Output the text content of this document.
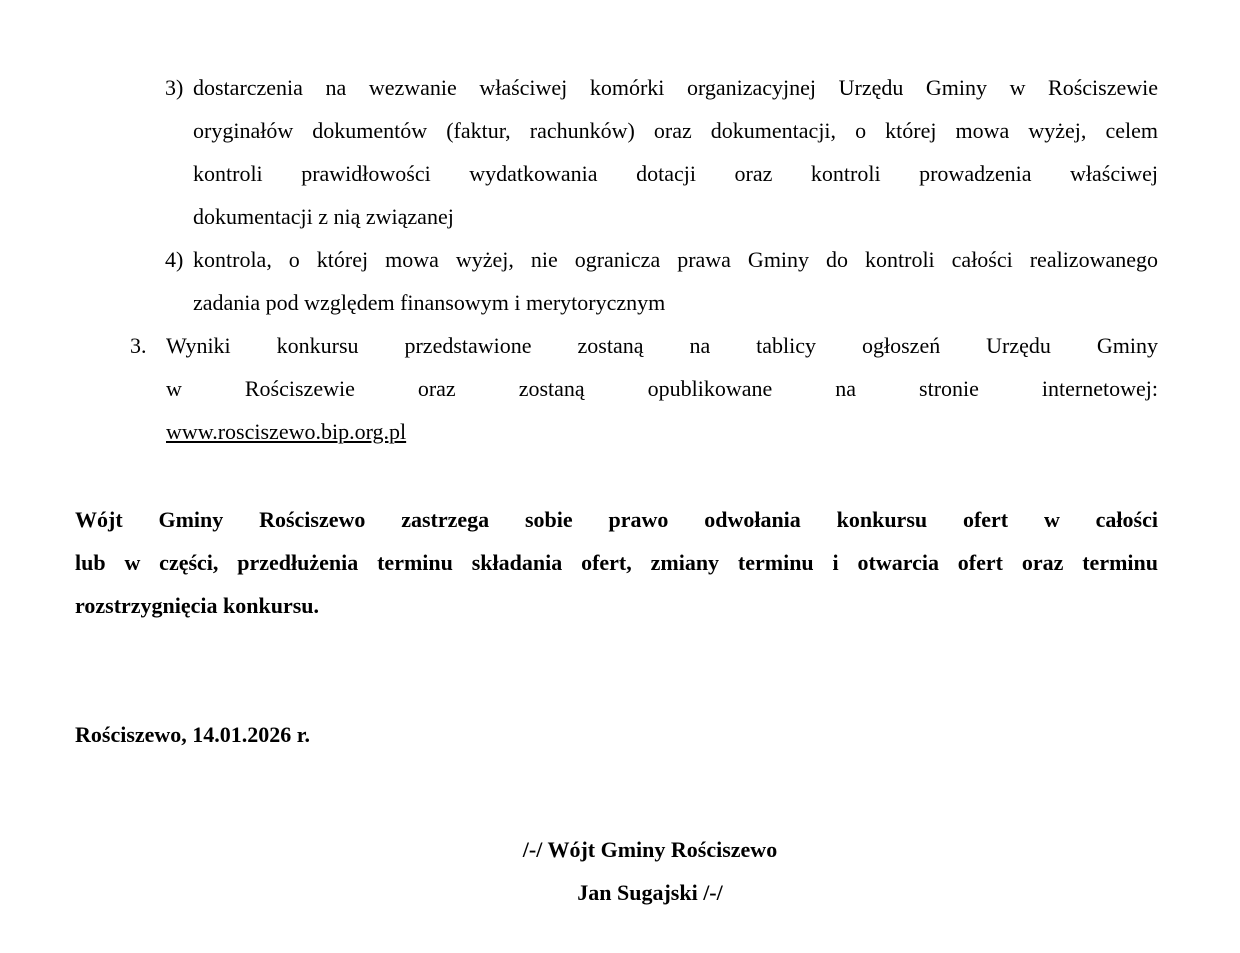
3) dostarczenia na wezwanie właściwej komórki organizacyjnej Urzędu Gminy w Rościszewie
oryginałów dokumentów (faktur, rachunków) oraz dokumentacji, o której mowa wyżej, celem
kontroli prawidłowości wydatkowania dotacji oraz kontroli prowadzenia właściwej
dokumentacji z nią związanej
4) kontrola, o której mowa wyżej, nie ogranicza prawa Gminy do kontroli całości realizowanego
zadania pod względem finansowym i merytorycznym
3. Wyniki konkursu przedstawione zostaną na tablicy ogłoszeń Urzędu Gminy
w Rościszewie oraz zostaną opublikowane na stronie internetowej:
www.rosciszewo.bip.org.pl
Wójt Gminy Rościszewo zastrzega sobie prawo odwołania konkursu ofert w całości
lub w części, przedłużenia terminu składania ofert, zmiany terminu i otwarcia ofert oraz terminu
rozstrzygnięcia konkursu.
Rościszewo, 14.01.2026 r.
/-/ Wójt Gminy Rościszewo
Jan Sugajski /-/
